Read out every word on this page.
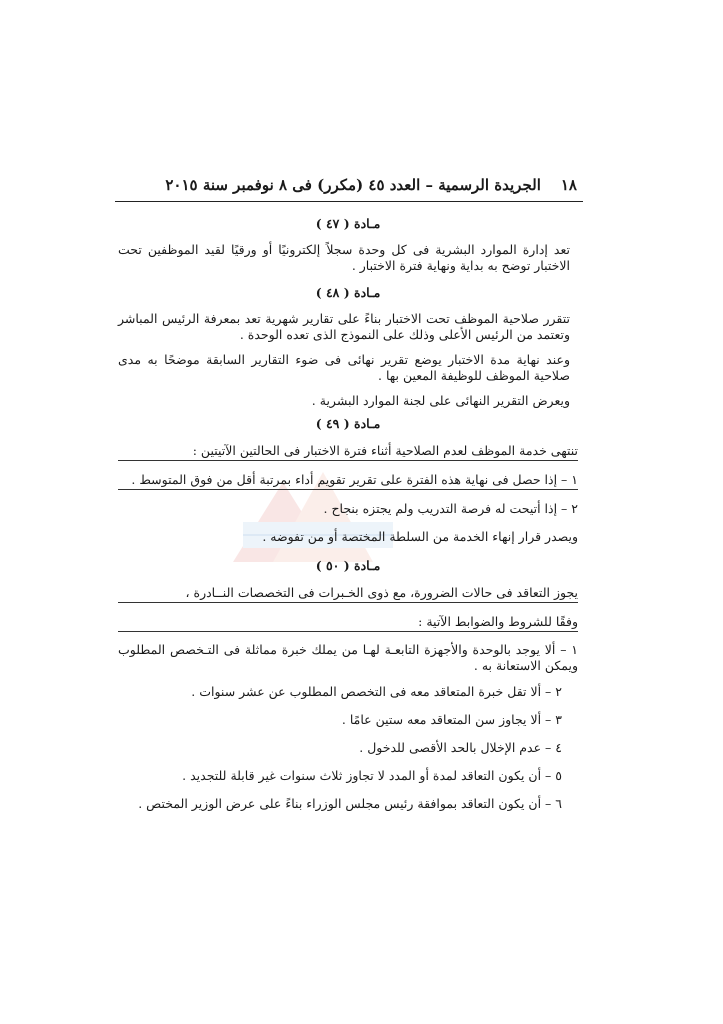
١٨
الجريدة الرسمية – العدد ٤٥ (مكرر) فى ٨ نوفمبر سنة ٢٠١٥
مـادة ( ٤٧ )

تعد إدارة الموارد البشرية فى كل وحدة سجلاً إلكترونيًا أو ورقيًا لقيد الموظفين تحت الاختبار توضح به بداية ونهاية فترة الاختبار .

مـادة ( ٤٨ )

تتقرر صلاحية الموظف تحت الاختبار بناءً على تقارير شهرية تعد بمعرفة الرئيس المباشر وتعتمد من الرئيس الأعلى وذلك على النموذج الذى تعده الوحدة .

وعند نهاية مدة الاختبار يوضع تقرير نهائى فى ضوء التقارير السابقة موضحًا به مدى صلاحية الموظف للوظيفة المعين بها .

ويعرض التقرير النهائى على لجنة الموارد البشرية .

مـادة ( ٤٩ )
تنتهى خدمة الموظف لعدم الصلاحية أثناء فترة الاختبار فى الحالتين الآتيتين :
١ – إذا حصل فى نهاية هذه الفترة على تقرير تقويم أداء بمرتبة أقل من فوق المتوسط .
٢ – إذا أتيحت له فرصة التدريب ولم يجتزه بنجاح .
ويصدر قرار إنهاء الخدمة من السلطة المختصة أو من تفوضه .
مـادة ( ٥٠ )
يجوز التعاقد فى حالات الضرورة، مع ذوى الخـبرات فى التخصصات النــادرة ،
وفقًا للشروط والضوابط الآتية :

١ – ألا يوجد بالوحدة والأجهزة التابعـة لهـا من يملك خبرة مماثلة فى التـخصص المطلوب ويمكن الاستعانة به .

٢ – ألا تقل خبرة المتعاقد معه فى التخصص المطلوب عن عشر سنوات .
٣ – ألا يجاوز سن المتعاقد معه ستين عامًا .
٤ – عدم الإخلال بالحد الأقصى للدخول .
٥ – أن يكون التعاقد لمدة أو المدد لا تجاوز ثلاث سنوات غير قابلة للتجديد .
٦ – أن يكون التعاقد بموافقة رئيس مجلس الوزراء بناءً على عرض الوزير المختص .
